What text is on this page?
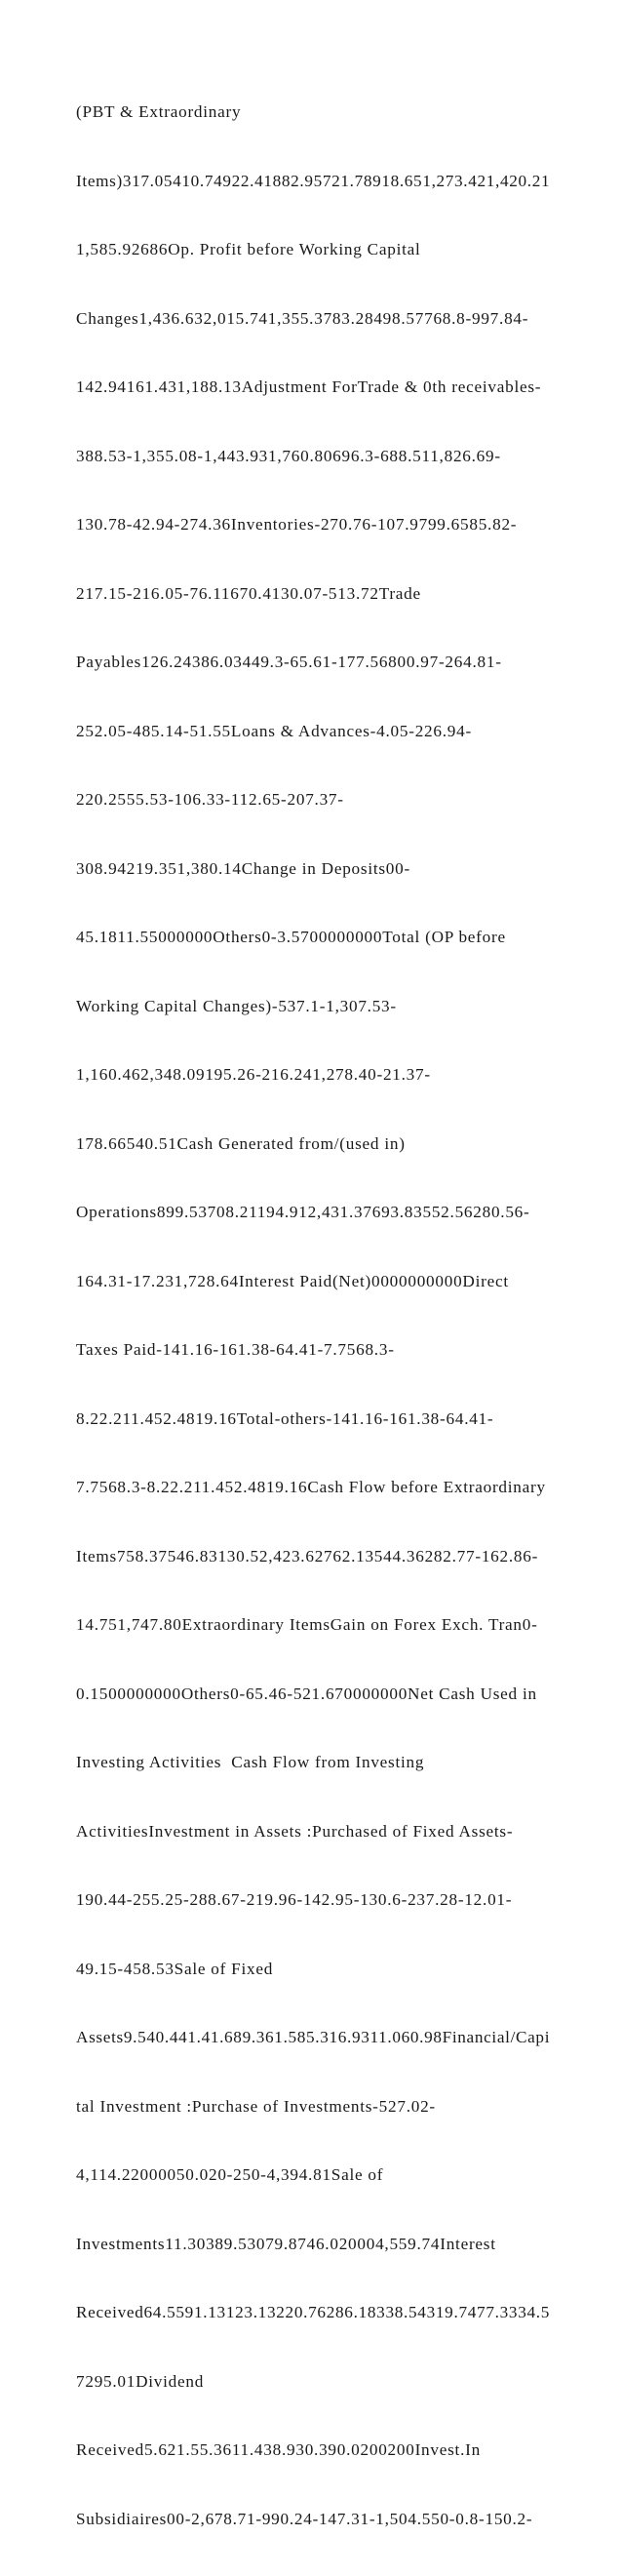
(PBT & Extraordinary

Items)317.05410.74922.41882.95721.78918.651,273.421,420.21

1,585.92686Op. Profit before Working Capital

Changes1,436.632,015.741,355.3783.28498.57768.8-997.84-

142.94161.431,188.13Adjustment ForTrade & 0th receivables-

388.53-1,355.08-1,443.931,760.80696.3-688.511,826.69-

130.78-42.94-274.36Inventories-270.76-107.9799.6585.82-

217.15-216.05-76.11670.4130.07-513.72Trade

Payables126.24386.03449.3-65.61-177.56800.97-264.81-

252.05-485.14-51.55Loans & Advances-4.05-226.94-

220.2555.53-106.33-112.65-207.37-

308.94219.351,380.14Change in Deposits00-

45.1811.55000000Others0-3.5700000000Total (OP before

Working Capital Changes)-537.1-1,307.53-

1,160.462,348.09195.26-216.241,278.40-21.37-

178.66540.51Cash Generated from/(used in)

Operations899.53708.21194.912,431.37693.83552.56280.56-

164.31-17.231,728.64Interest Paid(Net)0000000000Direct

Taxes Paid-141.16-161.38-64.41-7.7568.3-

8.22.211.452.4819.16Total-others-141.16-161.38-64.41-

7.7568.3-8.22.211.452.4819.16Cash Flow before Extraordinary

Items758.37546.83130.52,423.62762.13544.36282.77-162.86-

14.751,747.80Extraordinary ItemsGain on Forex Exch. Tran0-

0.1500000000Others0-65.46-521.670000000Net Cash Used in

Investing Activities  Cash Flow from Investing

ActivitiesInvestment in Assets :Purchased of Fixed Assets-

190.44-255.25-288.67-219.96-142.95-130.6-237.28-12.01-

49.15-458.53Sale of Fixed

Assets9.540.441.41.689.361.585.316.9311.060.98Financial/Capi

tal Investment :Purchase of Investments-527.02-

4,114.22000050.020-250-4,394.81Sale of

Investments11.30389.53079.8746.020004,559.74Interest

Received64.5591.13123.13220.76286.18338.54319.7477.3334.5

7295.01Dividend

Received5.621.55.3611.438.930.390.0200200Invest.In

Subsidiaires00-2,678.71-990.24-147.31-1,504.550-0.8-150.2-
